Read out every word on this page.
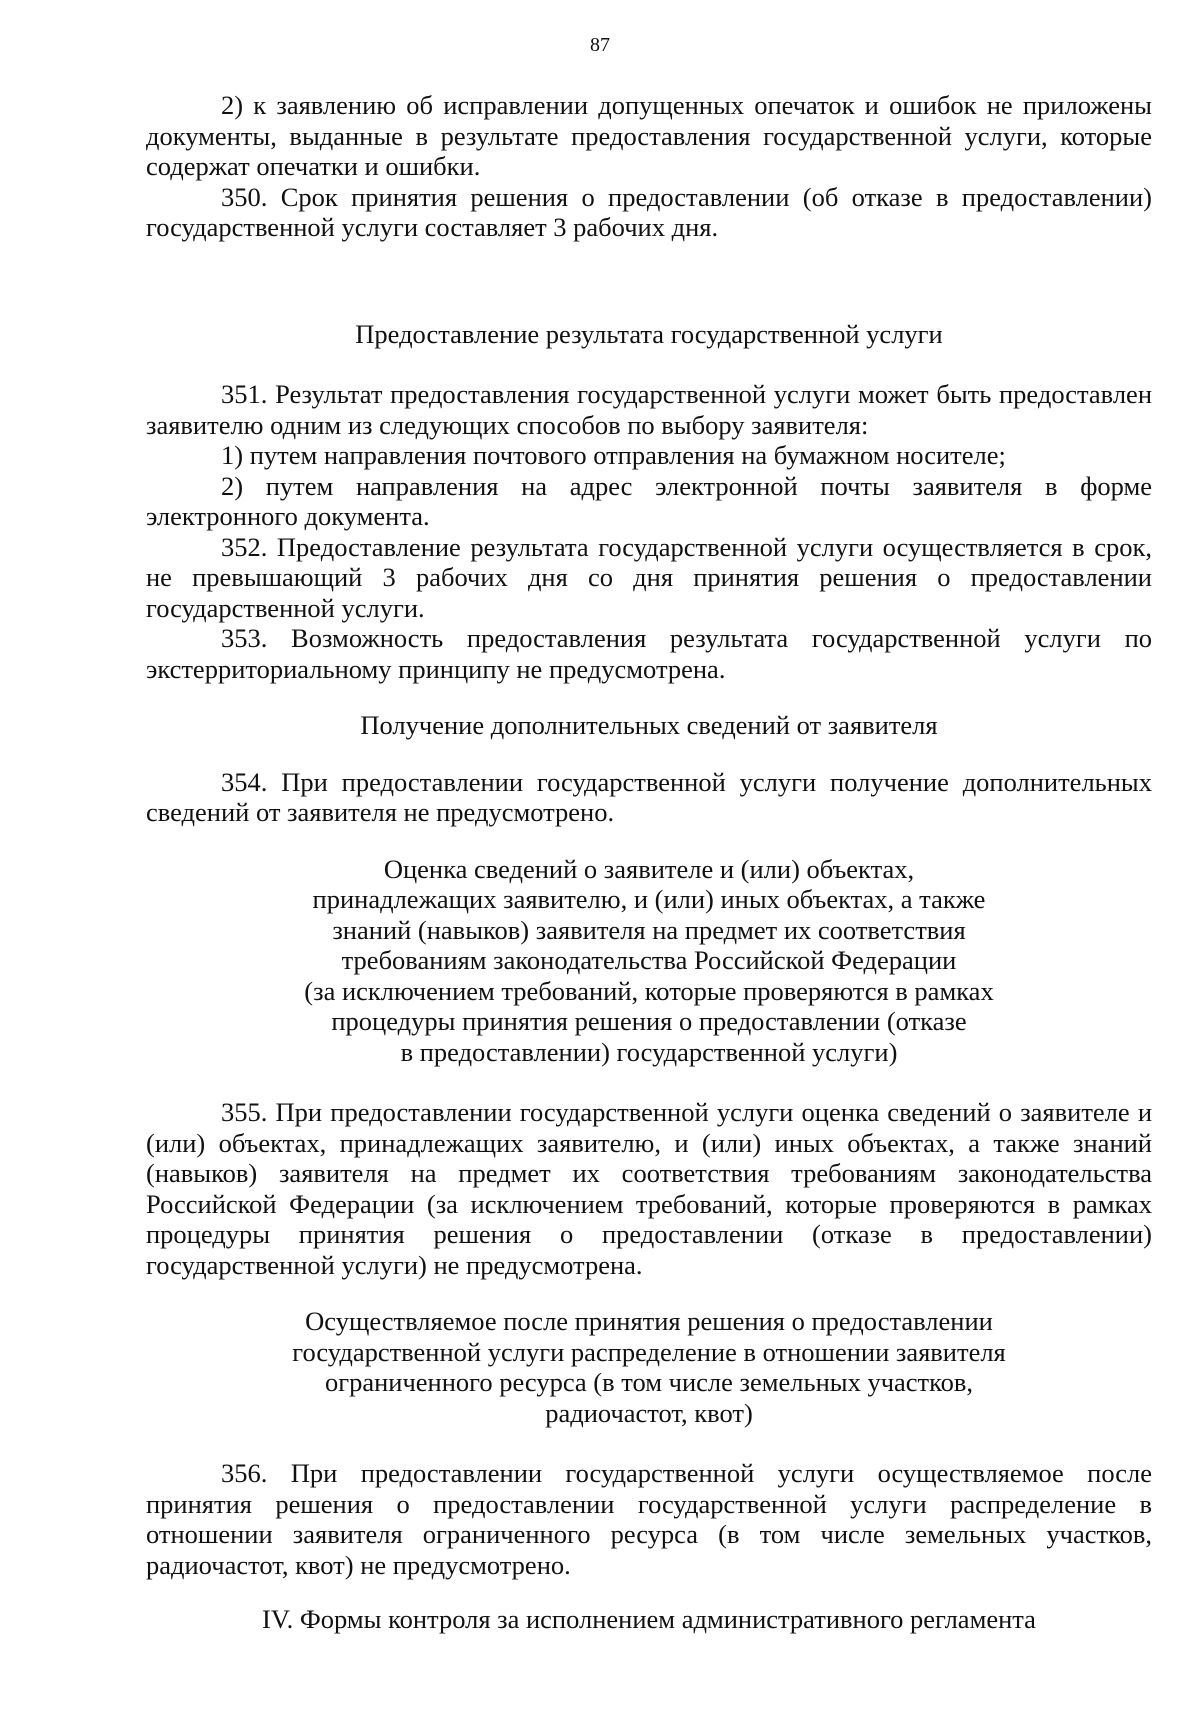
87

2) к заявлению об исправлении допущенных опечаток и ошибок не приложены документы, выданные в результате предоставления государственной услуги, которые содержат опечатки и ошибки.

350. Срок принятия решения о предоставлении (об отказе в предоставлении) государственной услуги составляет 3 рабочих дня.

Предоставление результата государственной услуги

351. Результат предоставления государственной услуги может быть предоставлен заявителю одним из следующих способов по выбору заявителя:

1) путем направления почтового отправления на бумажном носителе;

2) путем направления на адрес электронной почты заявителя в форме электронного документа.

352. Предоставление результата государственной услуги осуществляется в срок, не превышающий 3 рабочих дня со дня принятия решения о предоставлении государственной услуги.

353. Возможность предоставления результата государственной услуги по экстерриториальному принципу не предусмотрена.

Получение дополнительных сведений от заявителя

354. При предоставлении государственной услуги получение дополнительных сведений от заявителя не предусмотрено.

Оценка сведений о заявителе и (или) объектах,
принадлежащих заявителю, и (или) иных объектах, а также
знаний (навыков) заявителя на предмет их соответствия
требованиям законодательства Российской Федерации
(за исключением требований, которые проверяются в рамках
процедуры принятия решения о предоставлении (отказе
в предоставлении) государственной услуги)

355. При предоставлении государственной услуги оценка сведений о заявителе и (или) объектах, принадлежащих заявителю, и (или) иных объектах, а также знаний (навыков) заявителя на предмет их соответствия требованиям законодательства Российской Федерации (за исключением требований, которые проверяются в рамках процедуры принятия решения о предоставлении (отказе в предоставлении) государственной услуги) не предусмотрена.

Осуществляемое после принятия решения о предоставлении
государственной услуги распределение в отношении заявителя
ограниченного ресурса (в том числе земельных участков,
радиочастот, квот)

356. При предоставлении государственной услуги осуществляемое после принятия решения о предоставлении государственной услуги распределение в отношении заявителя ограниченного ресурса (в том числе земельных участков, радиочастот, квот) не предусмотрено.

IV. Формы контроля за исполнением административного регламента
